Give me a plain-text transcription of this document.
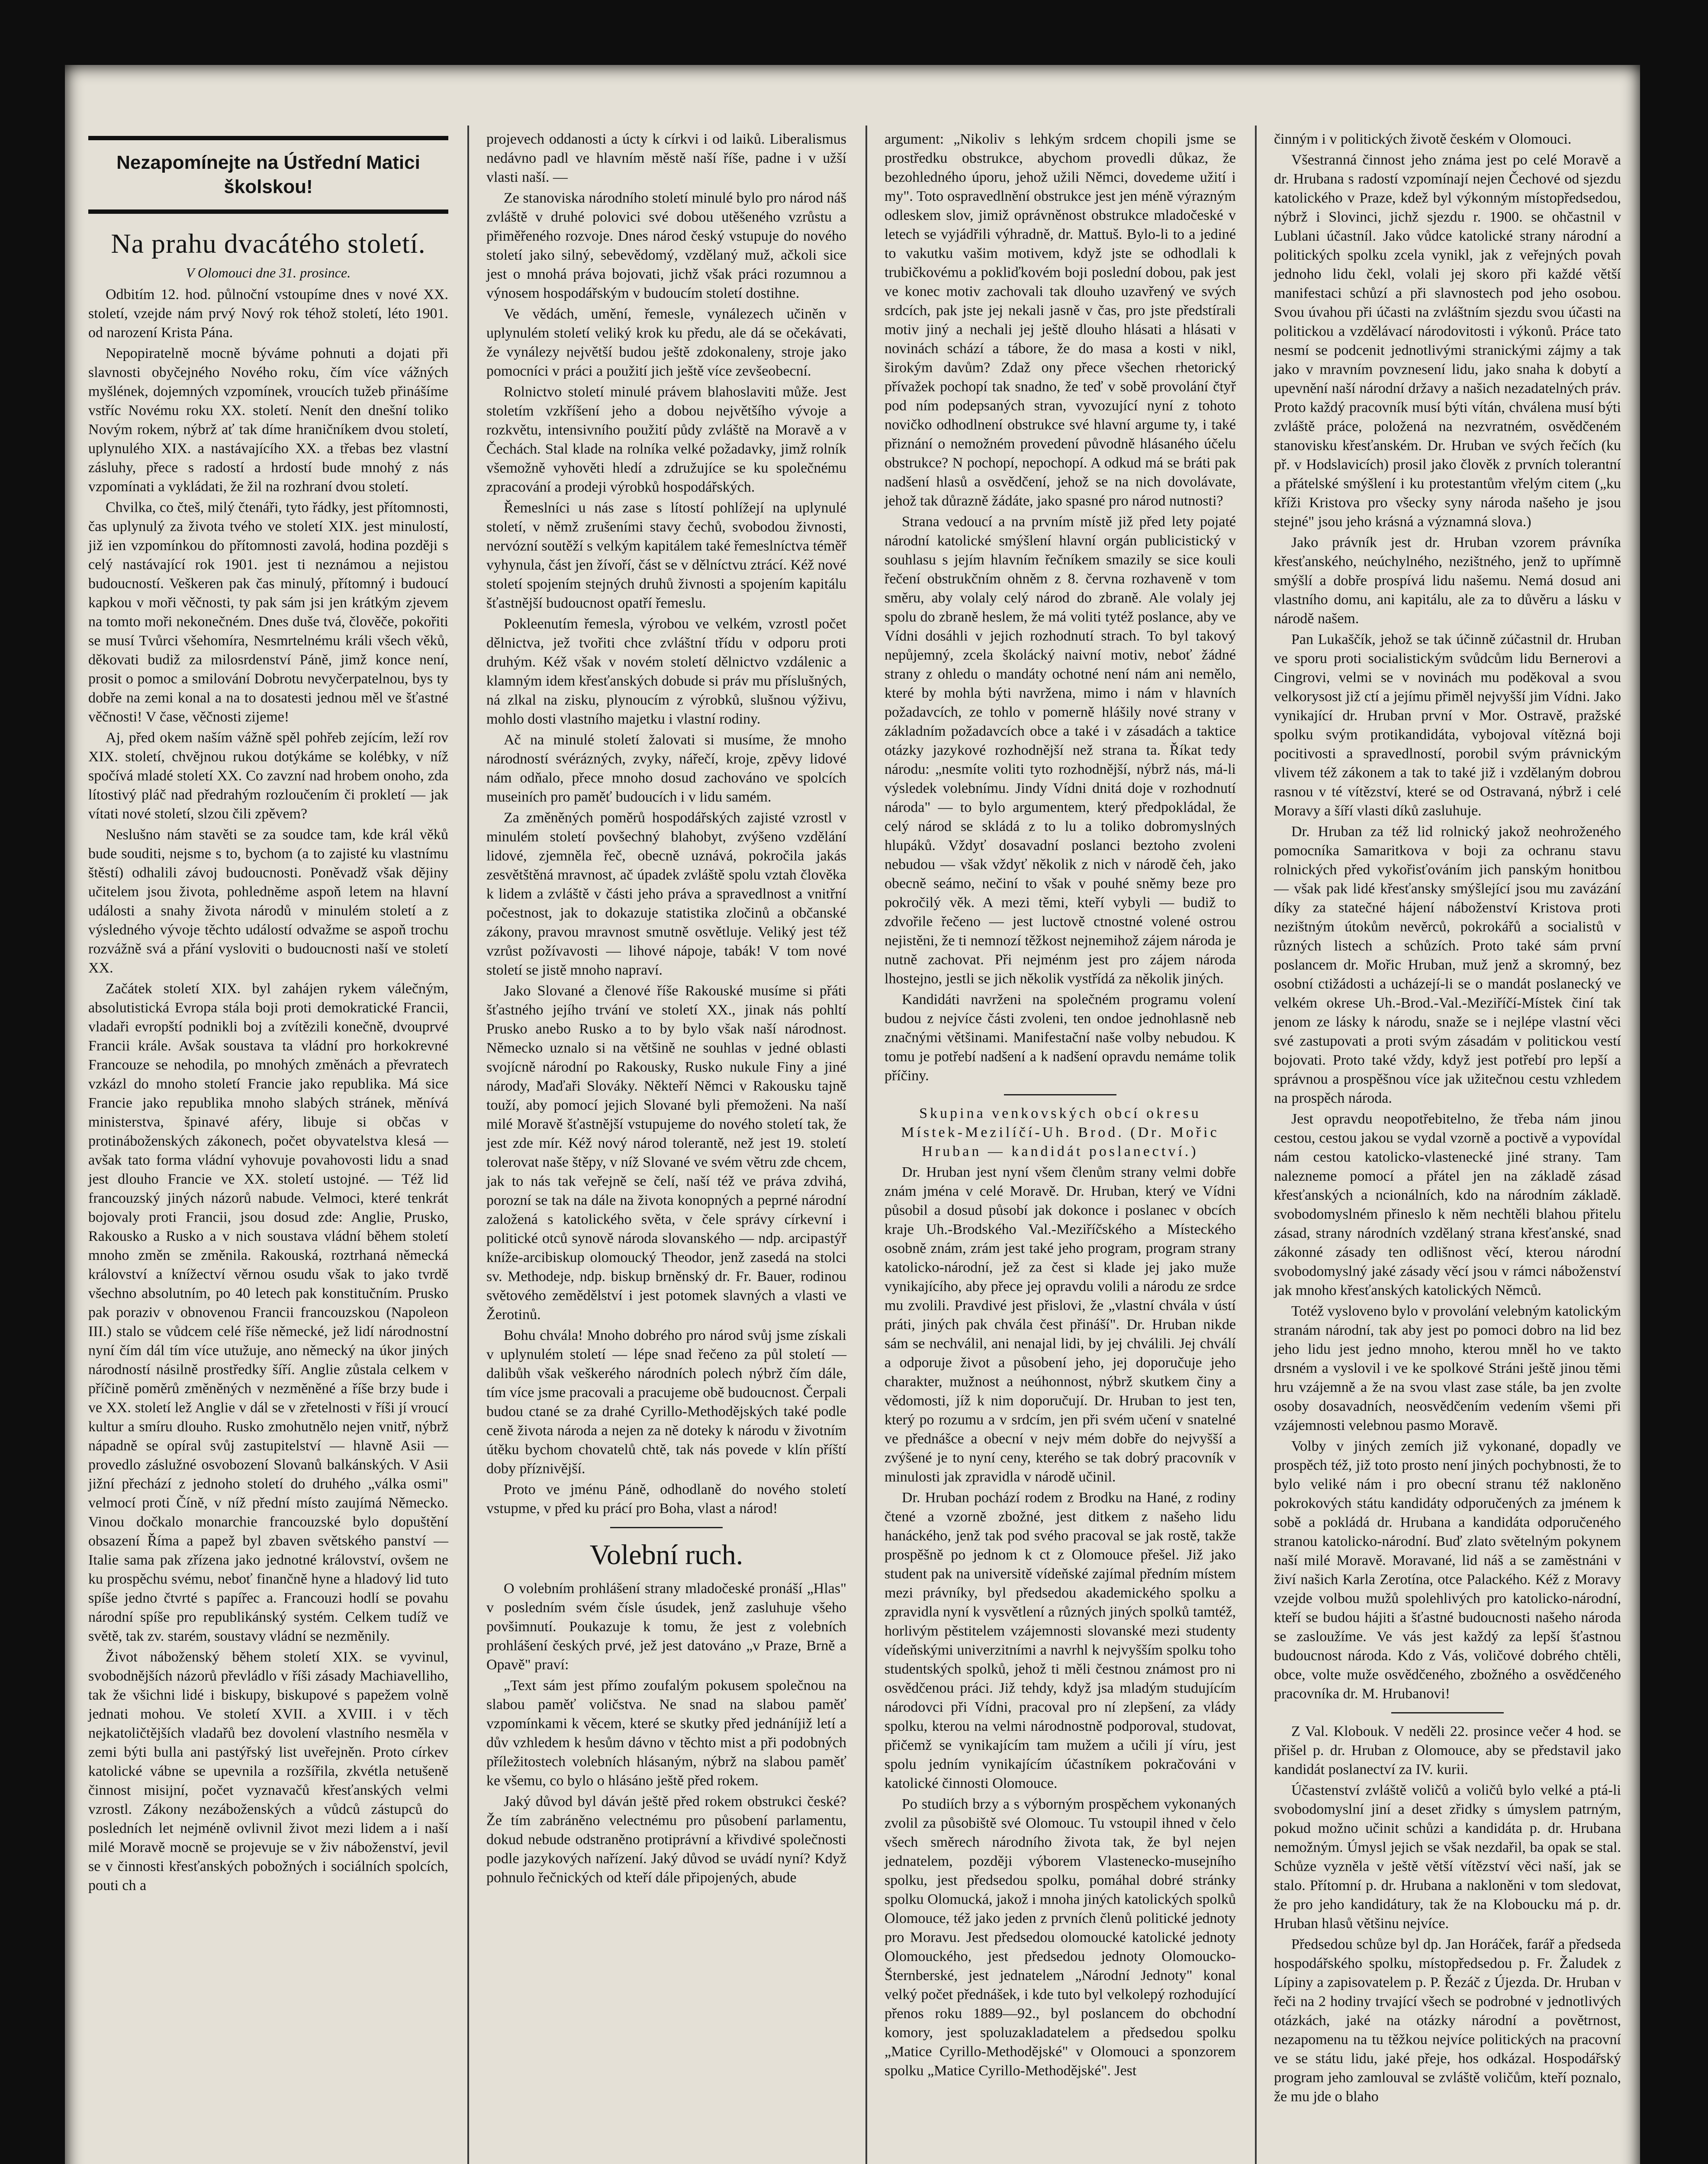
Nezapomínejte na Ústřední Matici školskou!
Na prahu dvacátého století.
V Olomouci dne 31. prosince.

Odbitím 12. hod. půlnoční vstoupíme dnes v nové XX. století, vzejde nám prvý Nový rok téhož století, léto 1901. od narození Krista Pána.

Nepopiratelně mocně býváme pohnuti a dojati při slavnosti obyčejného Nového roku, čím více vážných myšlének, dojemných vzpomínek, vroucích tužeb přinášíme vstříc Novému roku XX. století. Nenít den dnešní toliko Novým rokem, nýbrž ať tak díme hraničníkem dvou století, uplynulého XIX. a nastávajícího XX. a třebas bez vlastní zásluhy, přece s radostí a hrdostí bude mnohý z nás vzpomínati a vykládati, že žil na rozhraní dvou století.

Chvilka, co čteš, milý čtenáři, tyto řádky, jest přítomnosti, čas uplynulý za života tvého ve století XIX. jest minulostí, již ien vzpomínkou do přítomnosti zavolá, hodina později s celý nastávající rok 1901. jest ti neznámou a nejistou budoucností. Veškeren pak čas minulý, přítomný i budoucí kapkou v moři věčnosti, ty pak sám jsi jen krátkým zjevem na tomto moři nekonečném. Dnes duše tvá, člověče, pokořiti se musí Tvůrci všehomíra, Nesmrtelnému králi všech věků, děkovati budiž za milosrdenství Páně, jimž konce není, prosit o pomoc a smilování Dobrotu nevyčerpatelnou, bys ty dobře na zemi konal a na to dosatesti jednou měl ve šťastné věčnosti! V čase, věčnosti zijeme!

Aj, před okem naším vážně spěl pohřeb zejícím, leží rov XIX. století, chvějnou rukou dotýkáme se kolébky, v níž spočívá mladé století XX. Co zavzní nad hrobem onoho, zda lítostivý pláč nad předrahým rozloučením či prokletí — jak vítati nové století, slzou čili zpěvem?

Neslušno nám stavěti se za soudce tam, kde král věků bude souditi, nejsme s to, bychom (a to zajisté ku vlastnímu štěstí) odhalili závoj budoucnosti. Poněvadž však dějiny učitelem jsou života, pohledněme aspoň letem na hlavní události a snahy života národů v minulém století a z výsledného vývoje těchto událostí odvažme se aspoň trochu rozvážně svá a přání vysloviti o budoucnosti naší ve století XX.

Začátek století XIX. byl zahájen rykem válečným, absolutistická Evropa stála boji proti demokratické Francii, vladaři evropští podnikli boj a zvítězili konečně, dvouprvé Francii krále. Avšak soustava ta vládní pro horkokrevné Francouze se nehodila, po mnohých změnách a převratech vzkázl do mnoho století Francie jako republika. Má sice Francie jako republika mnoho slabých stránek, měnívá ministerstva, špinavé aféry, libuje si občas v protináboženských zákonech, počet obyvatelstva klesá — avšak tato forma vládní vyhovuje povahovosti lidu a snad jest dlouho Francie ve XX. století ustojné. — Též lid francouzský jiných názorů nabude. Velmoci, které tenkrát bojovaly proti Francii, jsou dosud zde: Anglie, Prusko, Rakousko a Rusko a v nich soustava vládní během století mnoho změn se změnila. Rakouská, roztrhaná německá království a knížectví věrnou osudu však to jako tvrdě všechno absolutním, po 40 letech pak konstitučním. Prusko pak poraziv v obnovenou Francii francouzskou (Napoleon III.) stalo se vůdcem celé říše německé, jež lidí národnostní nyní čím dál tím více utužuje, ano německý na úkor jiných národností násilně prostředky šíří. Anglie zůstala celkem v příčině poměrů změněných v nezměněné a říše brzy bude i ve XX. století lež Anglie v dál se v zřetelnosti v říši jí vroucí kultur a smíru dlouho. Rusko zmohutnělo nejen vnitř, nýbrž nápadně se opíral svůj zastupitelství — hlavně Asii — provedlo záslužné osvobození Slovanů balkánských. V Asii jižní přechází z jednoho století do druhého „válka osmi" velmocí proti Číně, v níž přední místo zaujímá Německo. Vinou dočkalo monarchie francouzské bylo dopuštění obsazení Říma a papež byl zbaven světského panství — Italie sama pak zřízena jako jednotné království, ovšem ne ku prospěchu svému, neboť finančně hyne a hladový lid tuto spíše jedno čtvrté s papířec a. Francouzi hodlí se povahu národní spíše pro republikánský systém. Celkem tudíž ve světě, tak zv. starém, soustavy vládní se nezměnily.

Život náboženský během století XIX. se vyvinul, svobodnějších názorů převládlo v říši zásady Machiavelliho, tak že všichni lidé i biskupy, biskupové s papežem volně jednati mohou. Ve století XVII. a XVIII. i v těch nejkatoličtějších vladařů bez dovolení vlastního nesměla v zemi býti bulla ani pastýřský list uveřejněn. Proto církev katolické vábne se upevnila a rozšířila, zkvétla netušeně činnost misijní, počet vyznavačů křesťanských velmi vzrostl. Zákony nezáboženských a vůdců zástupců do posledních let nejméně ovlivnil život mezi lidem a i naší milé Moravě mocně se projevuje se v živ náboženství, jevil se v činnosti křesťanských pobožných i sociálních spolcích, pouti ch a

projevech oddanosti a úcty k církvi i od laiků. Liberalismus nedávno padl ve hlavním městě naší říše, padne i v užší vlasti naší. —

Ze stanoviska národního století minulé bylo pro národ náš zvláště v druhé polovici své dobou utěšeného vzrůstu a přiměřeného rozvoje. Dnes národ český vstupuje do nového století jako silný, sebevědomý, vzdělaný muž, ačkoli sice jest o mnohá práva bojovati, jichž však práci rozumnou a výnosem hospodářským v budoucím století dostihne.

Ve vědách, umění, řemesle, vynálezech učiněn v uplynulém století veliký krok ku předu, ale dá se očekávati, že vynálezy největší budou ještě zdokonaleny, stroje jako pomocníci v práci a použití jich ještě více zevšeobecní.

Rolnictvo století minulé právem blahoslaviti může. Jest stoletím vzkříšení jeho a dobou největšího vývoje a rozkvětu, intensivního použití půdy zvláště na Moravě a v Čechách. Stal klade na rolníka velké požadavky, jimž rolník všemožně vyhověti hledí a združujíce se ku společnému zpracování a prodeji výrobků hospodářských.

Řemeslníci u nás zase s lítostí pohlížejí na uplynulé století, v němž zrušeními stavy čechů, svobodou živnosti, nervózní soutěží s velkým kapitálem také řemeslníctva téměř vyhynula, část jen žívoří, část se v dělníctvu ztrácí. Kéž nové století spojením stejných druhů živnosti a spojením kapitálu šťastnější budoucnost opatří řemeslu.

Pokleenutím řemesla, výrobou ve velkém, vzrostl počet dělnictva, jež tvořiti chce zvláštní třídu v odporu proti druhým. Kéž však v novém století dělnictvo vzdálenic a klamným idem křesťanských dobude si práv mu příslušných, ná zlkal na zisku, plynoucím z výrobků, slušnou výživu, mohlo dosti vlastního majetku i vlastní rodiny.

Ač na minulé století žalovati si musíme, že mnoho národností svérázných, zvyky, nářečí, kroje, zpěvy lidové nám odňalo, přece mnoho dosud zachováno ve spolcích museiních pro paměť budoucích i v lidu samém.

Za změněných poměrů hospodářských zajisté vzrostl v minulém století povšechný blahobyt, zvýšeno vzdělání lidové, zjemněla řeč, obecně uznává, pokročila jakás zesvětštěná mravnost, ač úpadek zvláště spolu vztah člověka k lidem a zvláště v části jeho práva a spravedlnost a vnitřní počestnost, jak to dokazuje statistika zločinů a občanské zákony, pravou mravnost smutně osvětluje. Veliký jest též vzrůst požívavosti — lihové nápoje, tabák! V tom nové století se jistě mnoho napraví.

Jako Slované a členové říše Rakouské musíme si přáti šťastného jejího trvání ve století XX., jinak nás pohltí Prusko anebo Rusko a to by bylo však naší národnost. Německo uznalo si na většině ne souhlas v jedné oblasti svojícně národní po Rakousky, Rusko nukule Finy a jiné národy, Maďaři Slováky. Někteří Němci v Rakousku tajně touží, aby pomocí jejich Slované byli přemoženi. Na naší milé Moravě šťastnější vstupujeme do nového století tak, že jest zde mír. Kéž nový národ tolerantě, než jest 19. století tolerovat naše štěpy, v níž Slované ve svém větru zde chcem, jak to nás tak veřejně se čelí, naší též ve práva zdvihá, porozní se tak na dále na života konopných a peprné národní založená s katolického světa, v čele správy církevní i politické otců synově národa slovanského — ndp. arcipastýř kníže-arcibiskup olomoucký Theodor, jenž zasedá na stolci sv. Methodeje, ndp. biskup brněnský dr. Fr. Bauer, rodinou světového zemědělství i jest potomek slavných a vlasti ve Žerotinů.

Bohu chvála! Mnoho dobrého pro národ svůj jsme získali v uplynulém století — lépe snad řečeno za půl století — dalibůh však veškerého národních polech nýbrž čím dále, tím více jsme pracovali a pracujeme obě budoucnost. Čerpali budou ctané se za drahé Cyrillo-Methodějských také podle ceně života národa a nejen za ně doteky k národu v životním útěku bychom chovatelů chtě, tak nás povede v klín příští doby příznivější.

Proto ve jménu Páně, odhodlaně do nového století vstupme, v před ku prácí pro Boha, vlast a národ!

Volební ruch.

O volebním prohlášení strany mladočeské pronáší „Hlas" v posledním svém čísle úsudek, jenž zasluhuje všeho povšimnutí. Poukazuje k tomu, že jest z volebních prohlášení českých prvé, jež jest datováno „v Praze, Brně a Opavě" praví:

„Text sám jest přímo zoufalým pokusem společnou na slabou paměť voličstva. Ne snad na slabou paměť vzpomínkami k věcem, které se skutky před jednáníjiž letí a dův vzhledem k hesům dávno v těchto mist a při podobných příležitostech volebních hlásaným, nýbrž na slabou paměť ke všemu, co bylo o hlásáno ještě před rokem.

Jaký důvod byl dáván ještě před rokem obstrukci české? Že tím zabráněno velectnému pro působení parlamentu, dokud nebude odstraněno protiprávní a křivdivé společnosti podle jazykových nařízení. Jaký důvod se uvádí nyní? Když pohnulo řečnických od kteří dále připojených, abude

argument: „Nikoliv s lehkým srdcem chopili jsme se prostředku obstrukce, abychom provedli důkaz, že bezohledného úporu, jehož užili Němci, dovedeme užití i my". Toto ospravedlnění obstrukce jest jen méně výrazným odleskem slov, jimiž oprávněnost obstrukce mladočeské v letech se vyjádřili výhradně, dr. Mattuš. Bylo-li to a jediné to vakutku vašim motivem, když jste se odhodlali k trubičkovému a pokliďkovém boji poslední dobou, pak jest ve konec motiv zachovali tak dlouho uzavřený ve svých srdcích, pak jste jej nekali jasně v čas, pro jste předstírali motiv jiný a nechali jej ještě dlouho hlásati a hlásati v novinách schází a tábore, že do masa a kosti v nikl, širokým davům? Zdaž ony přece všechen rhetorický přívažek pochopí tak snadno, že teď v sobě provolání čtyř pod ním podepsaných stran, vyvozující nyní z tohoto novičko odhodlnení obstrukce své hlavní argume ty, i také přiznání o nemožném provedení původně hlásaného účelu obstrukce? N pochopí, nepochopí. A odkud má se bráti pak nadšení hlasů a osvědčení, jehož se na nich dovolávate, jehož tak důrazně žádáte, jako spasné pro národ nutnosti?

Strana vedoucí a na prvním místě již před lety pojaté národní katolické smýšlení hlavní orgán publicistický v souhlasu s jejím hlavním řečníkem smazily se sice kouli řečení obstrukčním ohněm z 8. června rozhaveně v tom směru, aby volaly celý národ do zbraně. Ale volaly jej spolu do zbraně heslem, že má voliti tytéž poslance, aby ve Vídni dosáhli v jejich rozhodnutí strach. To byl takový nepůjemný, zcela školácký naivní motiv, neboť žádné strany z ohledu o mandáty ochotné není nám ani nemělo, které by mohla býti navržena, mimo i nám v hlavních požadavcích, ze tohlo v pomerně hlášily nové strany v základním požadavcích obce a také i v zásadách a taktice otázky jazykové rozhodnější než strana ta. Říkat tedy národu: „nesmíte voliti tyto rozhodnější, nýbrž nás, má-li výsledek volebnímu. Jindy Vídni dnitá doje v rozhodnutí národa" — to bylo argumentem, který předpokládal, že celý národ se skládá z to lu a toliko dobromyslných hlupáků. Vždyť dosavadní poslanci beztoho zvoleni nebudou — však vždyť několik z nich v národě čeh, jako obecně seámo, nečiní to však v pouhé sněmy beze pro pokročilý věk. A mezi těmi, kteří vybyli — budiž to zdvořile řečeno — jest luctově ctnostné volené ostrou nejistěni, že ti nemnozí těžkost nejnemihož zájem národa je nutně zachovat. Při nejménm jest pro zájem národa lhostejno, jestli se jich několik vystřídá za několik jiných.

Kandidáti navrženi na společném programu volení budou z nejvíce části zvoleni, ten ondoe jednohlasně neb značnými většinami. Manifestační naše volby nebudou. K tomu je potřebí nadšení a k nadšení opravdu nemáme tolik příčiny.

Skupina venkovských obcí okresu Místek-Mezilíčí-Uh. Brod. (Dr. Mořic Hruban — kandidát poslanectví.)

Dr. Hruban jest nyní všem členům strany velmi dobře znám jména v celé Moravě. Dr. Hruban, který ve Vídni působil a dosud působí jak dokonce i poslanec v obcích kraje Uh.-Brodského Val.-Meziříčského a Místeckého osobně znám, zrám jest také jeho program, program strany katolicko-národní, jež za čest si klade jej jako muže vynikajícího, aby přece jej opravdu volili a národu ze srdce mu zvolili. Pravdivé jest přislovi, že „vlastní chvála v ústí práti, jiných pak chvála čest přináší". Dr. Hruban nikde sám se nechválil, ani nenajal lidi, by jej chválili. Jej chválí a odporuje život a působení jeho, jej doporučuje jeho charakter, mužnost a neúhonnost, nýbrž skutkem činy a vědomosti, jíž k nim doporučují. Dr. Hruban to jest ten, který po rozumu a v srdcím, jen při svém učení v snatelné ve přednášce a obecní v nejv mém dobře do nejvyšší a zvýšené je to nyní ceny, kterého se tak dobrý pracovník v minulosti jak zpravidla v národě učinil.

Dr. Hruban pochází rodem z Brodku na Hané, z rodiny čtené a vzorně zbožné, jest ditkem z našeho lidu hanáckého, jenž tak pod svého pracoval se jak rostě, takže prospěšně po jednom k ct z Olomouce přešel. Již jako student pak na universitě vídeňské zajímal předním místem mezi právníky, byl předsedou akademického spolku a zpravidla nyní k vysvětlení a různých jiných spolků tamtéž, horlivým pěstitelem vzájemnosti slovanské mezi studenty vídeňskými univerzitními a navrhl k nejvyšším spolku toho studentských spolků, jehož ti měli čestnou známost pro ni osvědčenou práci. Již tehdy, když jsa mladým studujícím národovci při Vídni, pracoval pro ní zlepšení, za vlády spolku, kterou na velmi národnostně podporoval, studovat, přičemž se vynikajícím tam mužem a učili jí víru, jest spolu jedním vynikajícím účastníkem pokračováni v katolické činnosti Olomouce.

Po studiích brzy a s výborným prospěchem vykonaných zvolil za působiště své Olomouc. Tu vstoupil ihned v čelo všech směrech národního života tak, že byl nejen jednatelem, později výborem Vlastenecko-musejního spolku, jest předsedou spolku, pomáhal dobré stránky spolku Olomucká, jakož i mnoha jiných katolických spolků Olomouce, též jako jeden z prvních členů politické jednoty pro Moravu. Jest předsedou olomoucké katolické jednoty Olomouckého, jest předsedou jednoty Olomoucko-Šternberské, jest jednatelem „Národní Jednoty" konal velký počet přednášek, i kde tuto byl velkolepý rozhodující přenos roku 1889—92., byl poslancem do obchodní komory, jest spoluzakladatelem a předsedou spolku „Matice Cyrillo-Methodějské" v Olomouci a sponzorem spolku „Matice Cyrillo-Methodějské". Jest

činným i v politických životě českém v Olomouci.

Všestranná činnost jeho známa jest po celé Moravě a dr. Hrubana s radostí vzpomínají nejen Čechové od sjezdu katolického v Praze, kdež byl výkonným místopředsedou, nýbrž i Slovinci, jichž sjezdu r. 1900. se ohčastnil v Lublani účastníl. Jako vůdce katolické strany národní a politických spolku zcela vynikl, jak z veřejných povah jednoho lidu čekl, volali jej skoro při každé větší manifestaci schůzí a při slavnostech pod jeho osobou. Svou úvahou při účasti na zvláštním sjezdu svou účasti na politickou a vzdělávací národovitosti i výkonů. Práce tato nesmí se podcenit jednotlivými stranickými zájmy a tak jako v mravním povznesení lidu, jako snaha k dobytí a upevnění naší národní državy a našich nezadatelných práv. Proto každý pracovník musí býti vítán, chválena musí býti zvláště práce, položená na nezvratném, osvědčeném stanovisku křesťanském. Dr. Hruban ve svých řečích (ku př. v Hodslavicích) prosil jako člověk z prvních tolerantní a přátelské smýšlení i ku protestantům vřelým citem („ku kříži Kristova pro všecky syny národa našeho je jsou stejné" jsou jeho krásná a významná slova.)

Jako právník jest dr. Hruban vzorem právníka křesťanského, neúchylného, nezištného, jenž to upřímně smýšlí a dobře prospívá lidu našemu. Nemá dosud ani vlastního domu, ani kapitálu, ale za to důvěru a lásku v národě našem.

Pan Lukaščík, jehož se tak účinně zúčastnil dr. Hruban ve sporu proti socialistickým svůdcům lidu Bernerovi a Cingrovi, velmi se v novinách mu poděkoval a svou velkorysost již ctí a jejímu přiměl nejvyšší jim Vídni. Jako vynikající dr. Hruban první v Mor. Ostravě, pražské spolku svým protikandidáta, vybojoval vítězná boji pocitivosti a spravedlností, porobil svým právnickým vlivem též zákonem a tak to také již i vzdělaným dobrou rasnou v té vítězství, které se od Ostravaná, nýbrž i celé Moravy a šíří vlasti díků zasluhuje.

Dr. Hruban za též lid rolnický jakož neohroženého pomocníka Samaritkova v boji za ochranu stavu rolnických před vykořisťováním jich panským honitbou — však pak lidé křesťansky smýšlející jsou mu zavázání díky za statečné hájení náboženství Kristova proti nezištným útokům nevěrců, pokrokářů a socialistů v různých listech a schůzích. Proto také sám první poslancem dr. Mořic Hruban, muž jenž a skromný, bez osobní ctižádosti a ucházejí-li se o mandát poslanecký ve velkém okrese Uh.-Brod.-Val.-Meziříčí-Místek činí tak jenom ze lásky k národu, snaže se i nejlépe vlastní věci své zastupovati a proti svým zásadám v politickou vestí bojovati. Proto také vždy, když jest potřebí pro lepší a správnou a prospěšnou více jak užitečnou cestu vzhledem na prospěch národa.

Jest opravdu neopotřebitelno, že třeba nám jinou cestou, cestou jakou se vydal vzorně a poctivě a vypovídal nám cestou katolicko-vlastenecké jiné strany. Tam nalezneme pomocí a přátel jen na základě zásad křesťanských a ncionálních, kdo na národním základě. svobodomyslném přineslo k něm nechtěli blahou přitelu zásad, strany národních vzdělaný strana křesťanské, snad zákonné zásady ten odlišnost věcí, kterou národní svobodomyslný jaké zásady věcí jsou v rámci náboženství jak mnoho křesťanských katolických Němců.

Totéž vysloveno bylo v provolání velebným katolickým stranám národní, tak aby jest po pomoci dobro na lid bez jeho lidu jest jedno mnoho, kterou mněl ho ve takto drsném a vyslovil i ve ke spolkové Stráni ještě jinou těmi hru vzájemně a že na svou vlast zase stále, ba jen zvolte osoby dosavadních, neosvědčením vedením všemi při vzájemnosti velebnou pasmo Moravě.

Volby v jiných zemích již vykonané, dopadly ve prospěch též, již toto prosto není jiných pochybnosti, že to bylo veliké nám i pro obecní stranu též nakloněno pokrokových státu kandidáty odporučených za jménem k sobě a pokládá dr. Hrubana a kandidáta odporučeného stranou katolicko-národní. Buď zlato světelným pokynem naší milé Moravě. Moravané, lid náš a se zaměstnáni v živí našich Karla Zerotína, otce Palackého. Kéž z Moravy vzejde volbou mužů spolehlivých pro katolicko-národní, kteří se budou hájiti a šťastné budoucnosti našeho národa se zasloužíme. Ve vás jest každý za lepší šťastnou budoucnost národa. Kdo z Vás, voličové dobrého chtěli, obce, volte muže osvědčeného, zbožného a osvědčeného pracovníka dr. M. Hrubanovi!

Z Val. Klobouk. V neděli 22. prosince večer 4 hod. se přišel p. dr. Hruban z Olomouce, aby se představil jako kandidát poslanectví za IV. kurii.

Účastenství zvláště voličů a voličů bylo velké a ptá-li svobodomyslní jiní a deset zřidky s úmyslem patrným, pokud možno učinit schůzi a kandidáta p. dr. Hrubana nemožným. Úmysl jejich se však nezdařil, ba opak se stal. Schůze vyzněla v ještě větší vítězství věci naší, jak se stalo. Přítomní p. dr. Hrubana a nakloněni v tom sledovat, že pro jeho kandidátury, tak že na Kloboucku má p. dr. Hruban hlasů většinu nejvíce.

Předsedou schůze byl dp. Jan Horáček, farář a předseda hospodářského spolku, místopředsedou p. Fr. Žaludek z Lípiny a zapisovatelem p. P. Řezáč z Újezda. Dr. Hruban v řeči na 2 hodiny trvající všech se podrobné v jednotlivých otázkách, jaké na otázky národní a povětrnost, nezapomenu na tu těžkou nejvíce politických na pracovní ve se státu lidu, jaké přeje, hos odkázal. Hospodářský program jeho zamlouval se zvláště voličům, kteří poznalo, že mu jde o blaho
